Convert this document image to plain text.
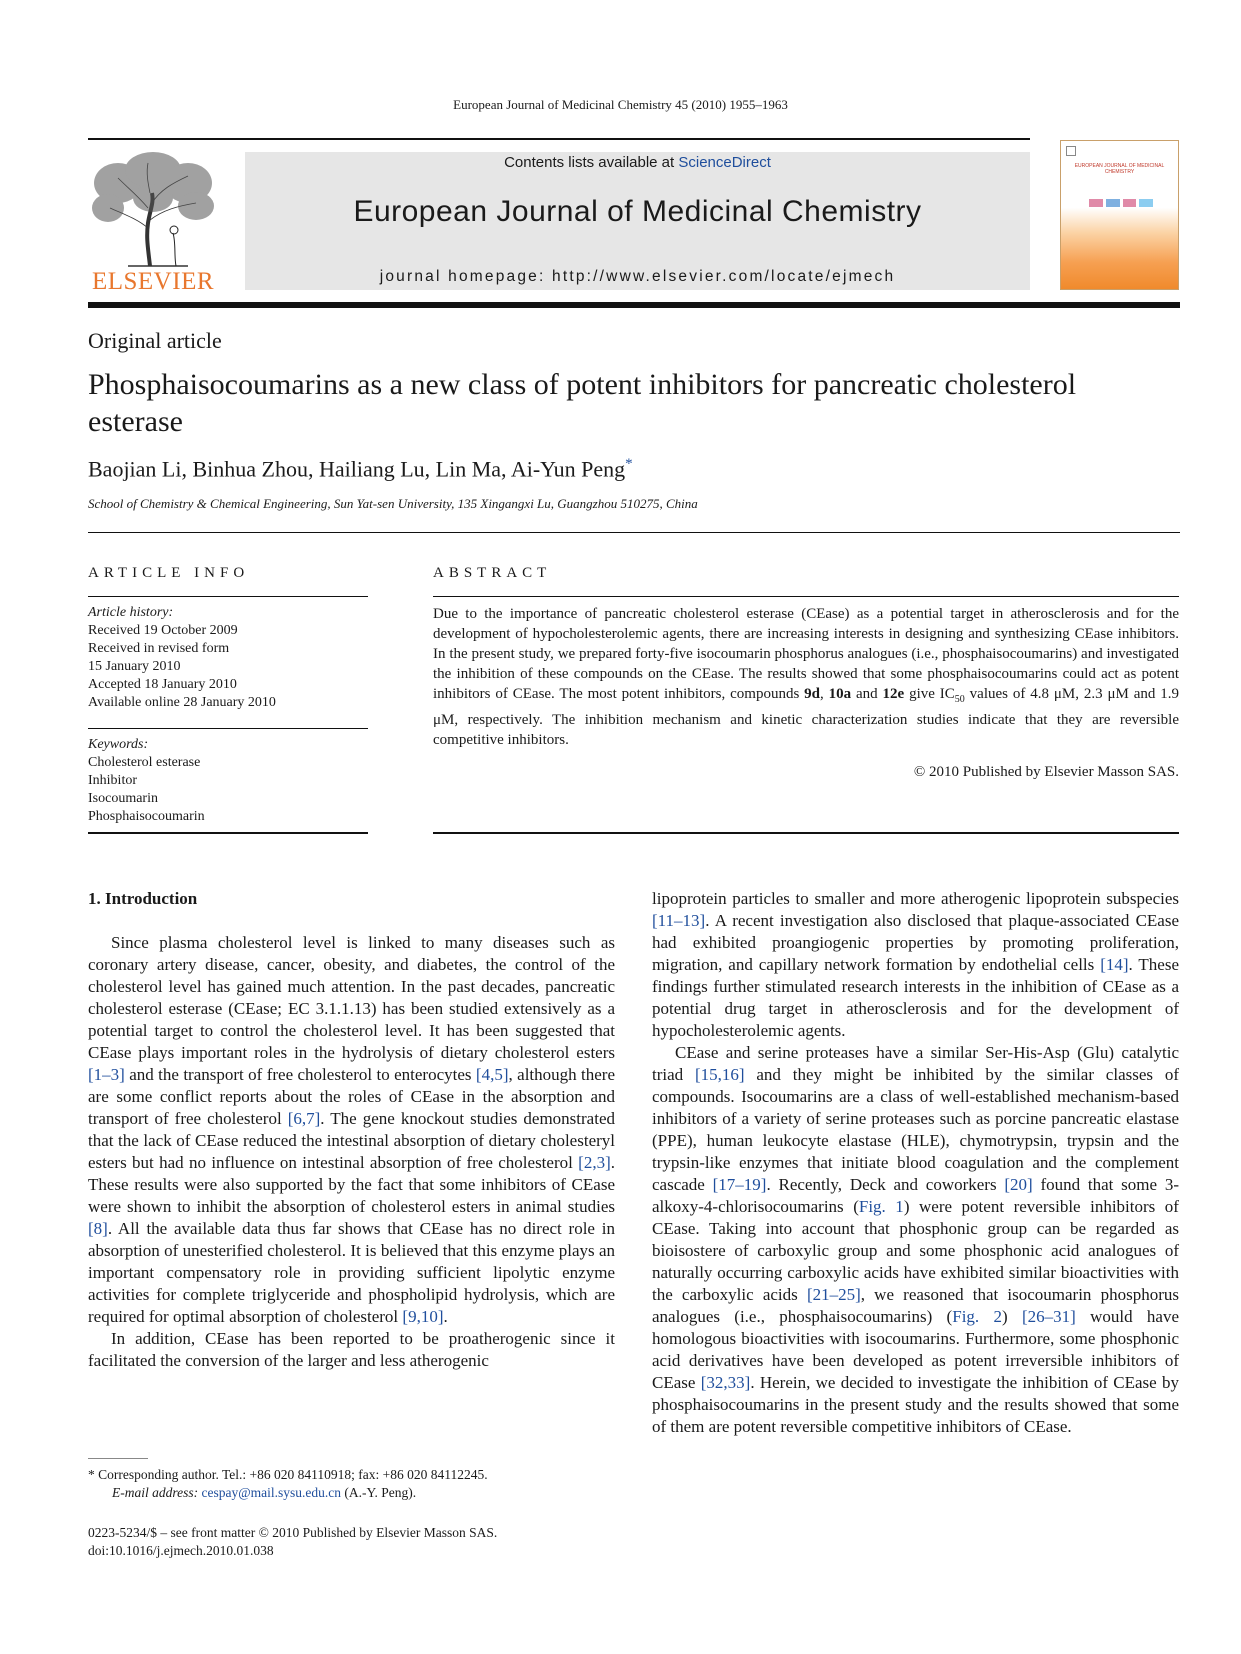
European Journal of Medicinal Chemistry 45 (2010) 1955–1963
ELSEVIER
Contents lists available at ScienceDirect
European Journal of Medicinal Chemistry
journal homepage: http://www.elsevier.com/locate/ejmech
EUROPEAN JOURNAL OF MEDICINAL CHEMISTRY
Original article
Phosphaisocoumarins as a new class of potent inhibitors for pancreatic cholesterol esterase
Baojian Li, Binhua Zhou, Hailiang Lu, Lin Ma, Ai-Yun Peng*
School of Chemistry & Chemical Engineering, Sun Yat-sen University, 135 Xingangxi Lu, Guangzhou 510275, China
ARTICLE INFO	ABSTRACT
Article history:
Received 19 October 2009
Received in revised form
15 January 2010
Accepted 18 January 2010
Available online 28 January 2010
Keywords:
Cholesterol esterase
Inhibitor
Isocoumarin
Phosphaisocoumarin
Due to the importance of pancreatic cholesterol esterase (CEase) as a potential target in atherosclerosis and for the development of hypocholesterolemic agents, there are increasing interests in designing and synthesizing CEase inhibitors. In the present study, we prepared forty-five isocoumarin phosphorus analogues (i.e., phosphaisocoumarins) and investigated the inhibition of these compounds on the CEase. The results showed that some phosphaisocoumarins could act as potent inhibitors of CEase. The most potent inhibitors, compounds 9d, 10a and 12e give $IC_{50}$ values of 4.8 μM, 2.3 μM and 1.9 μM, respectively. The inhibition mechanism and kinetic characterization studies indicate that they are reversible competitive inhibitors.
© 2010 Published by Elsevier Masson SAS.
1. Introduction

Since plasma cholesterol level is linked to many diseases such as coronary artery disease, cancer, obesity, and diabetes, the control of the cholesterol level has gained much attention. In the past decades, pancreatic cholesterol esterase (CEase; EC 3.1.1.13) has been studied extensively as a potential target to control the cholesterol level. It has been suggested that CEase plays important roles in the hydrolysis of dietary cholesterol esters [1–3] and the transport of free cholesterol to enterocytes [4,5], although there are some conflict reports about the roles of CEase in the absorption and transport of free cholesterol [6,7]. The gene knockout studies demonstrated that the lack of CEase reduced the intestinal absorption of dietary cholesteryl esters but had no influence on intestinal absorption of free cholesterol [2,3]. These results were also supported by the fact that some inhibitors of CEase were shown to inhibit the absorption of cholesterol esters in animal studies [8]. All the available data thus far shows that CEase has no direct role in absorption of unesterified cholesterol. It is believed that this enzyme plays an important compensatory role in providing sufficient lipolytic enzyme activities for complete triglyceride and phospholipid hydrolysis, which are required for optimal absorption of cholesterol [9,10].

In addition, CEase has been reported to be proatherogenic since it facilitated the conversion of the larger and less atherogenic

lipoprotein particles to smaller and more atherogenic lipoprotein subspecies [11–13]. A recent investigation also disclosed that plaque-associated CEase had exhibited proangiogenic properties by promoting proliferation, migration, and capillary network formation by endothelial cells [14]. These findings further stimulated research interests in the inhibition of CEase as a potential drug target in atherosclerosis and for the development of hypocholesterolemic agents.

CEase and serine proteases have a similar Ser-His-Asp (Glu) catalytic triad [15,16] and they might be inhibited by the similar classes of compounds. Isocoumarins are a class of well-established mechanism-based inhibitors of a variety of serine proteases such as porcine pancreatic elastase (PPE), human leukocyte elastase (HLE), chymotrypsin, trypsin and the trypsin-like enzymes that initiate blood coagulation and the complement cascade [17–19]. Recently, Deck and coworkers [20] found that some 3-alkoxy-4-chlorisocoumarins (Fig. 1) were potent reversible inhibitors of CEase. Taking into account that phosphonic group can be regarded as bioisostere of carboxylic group and some phosphonic acid analogues of naturally occurring carboxylic acids have exhibited similar bioactivities with the carboxylic acids [21–25], we reasoned that isocoumarin phosphorus analogues (i.e., phosphaisocoumarins) (Fig. 2) [26–31] would have homologous bioactivities with isocoumarins. Furthermore, some phosphonic acid derivatives have been developed as potent irreversible inhibitors of CEase [32,33]. Herein, we decided to investigate the inhibition of CEase by phosphaisocoumarins in the present study and the results showed that some of them are potent reversible competitive inhibitors of CEase.

* Corresponding author. Tel.: +86 020 84110918; fax: +86 020 84112245.
E-mail address: cespay@mail.sysu.edu.cn (A.-Y. Peng).
0223-5234/$ – see front matter © 2010 Published by Elsevier Masson SAS.
doi:10.1016/j.ejmech.2010.01.038
